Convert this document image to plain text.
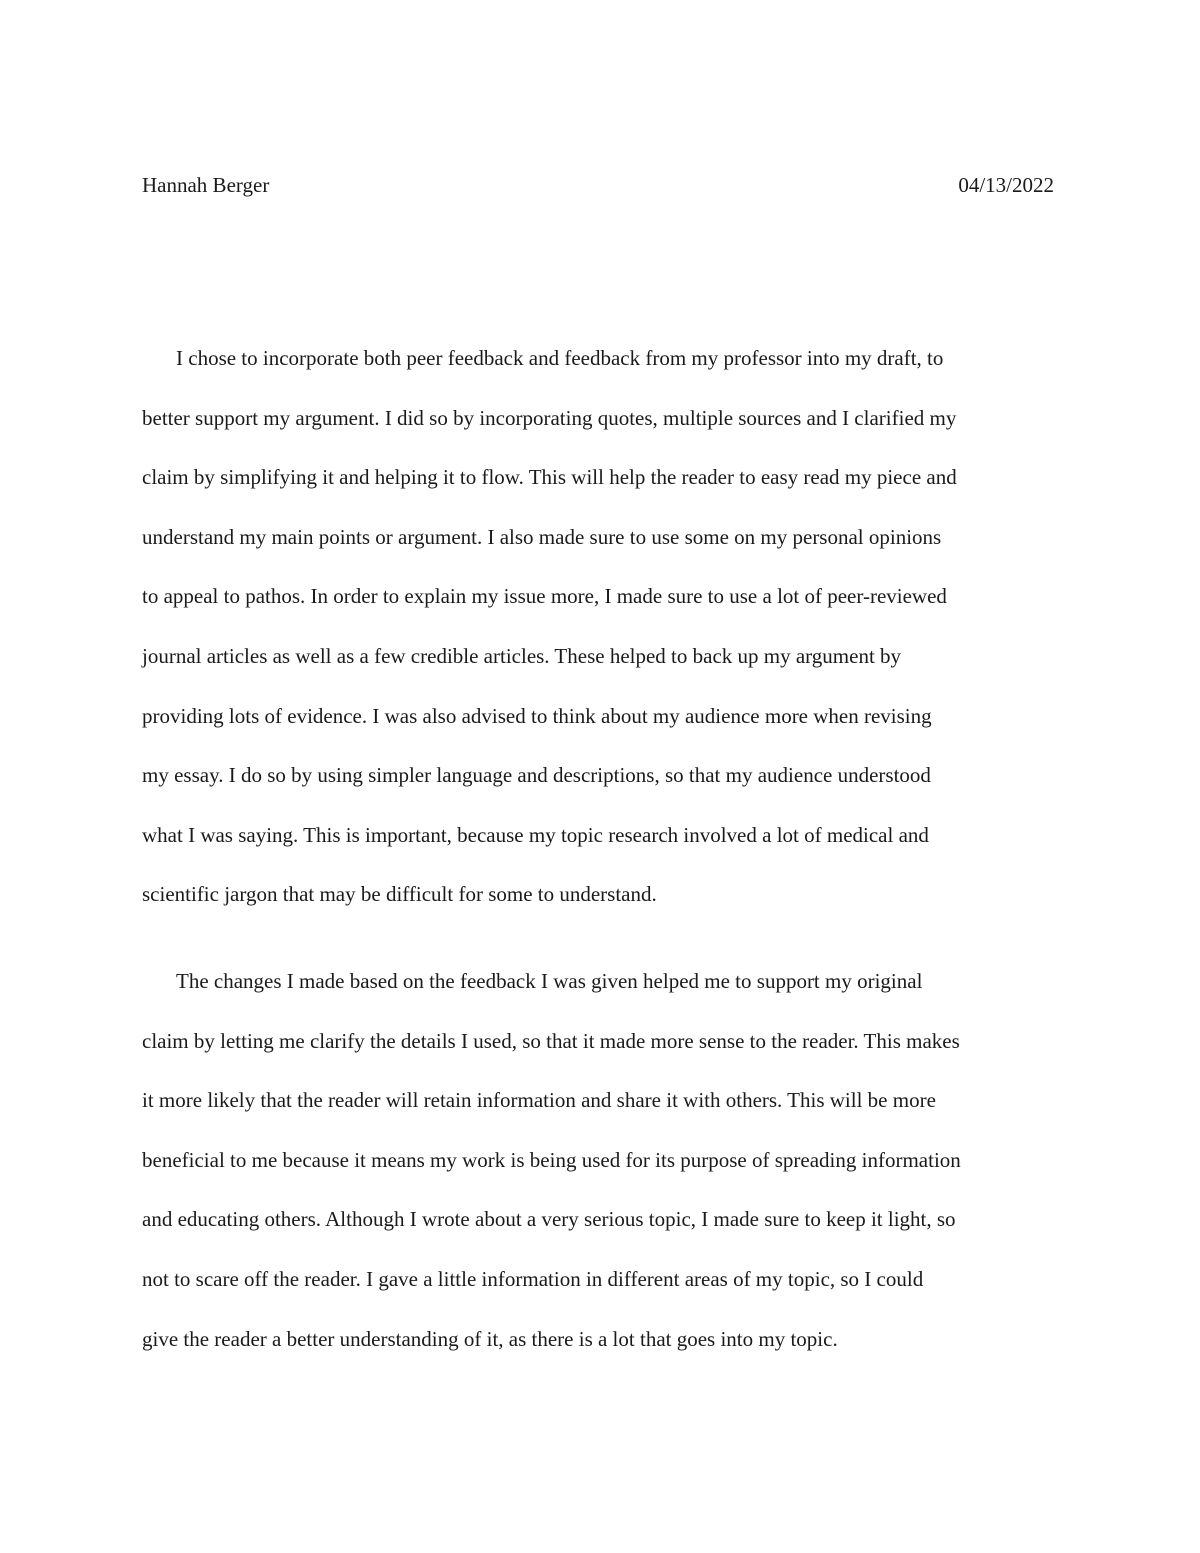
Hannah Berger	04/13/2022
I chose to incorporate both peer feedback and feedback from my professor into my draft, to
better support my argument. I did so by incorporating quotes, multiple sources and I clarified my
claim by simplifying it and helping it to flow. This will help the reader to easy read my piece and
understand my main points or argument. I also made sure to use some on my personal opinions
to appeal to pathos. In order to explain my issue more, I made sure to use a lot of peer-reviewed
journal articles as well as a few credible articles. These helped to back up my argument by
providing lots of evidence. I was also advised to think about my audience more when revising
my essay. I do so by using simpler language and descriptions, so that my audience understood
what I was saying. This is important, because my topic research involved a lot of medical and
scientific jargon that may be difficult for some to understand.
The changes I made based on the feedback I was given helped me to support my original
claim by letting me clarify the details I used, so that it made more sense to the reader. This makes
it more likely that the reader will retain information and share it with others. This will be more
beneficial to me because it means my work is being used for its purpose of spreading information
and educating others. Although I wrote about a very serious topic, I made sure to keep it light, so
not to scare off the reader. I gave a little information in different areas of my topic, so I could
give the reader a better understanding of it, as there is a lot that goes into my topic.
